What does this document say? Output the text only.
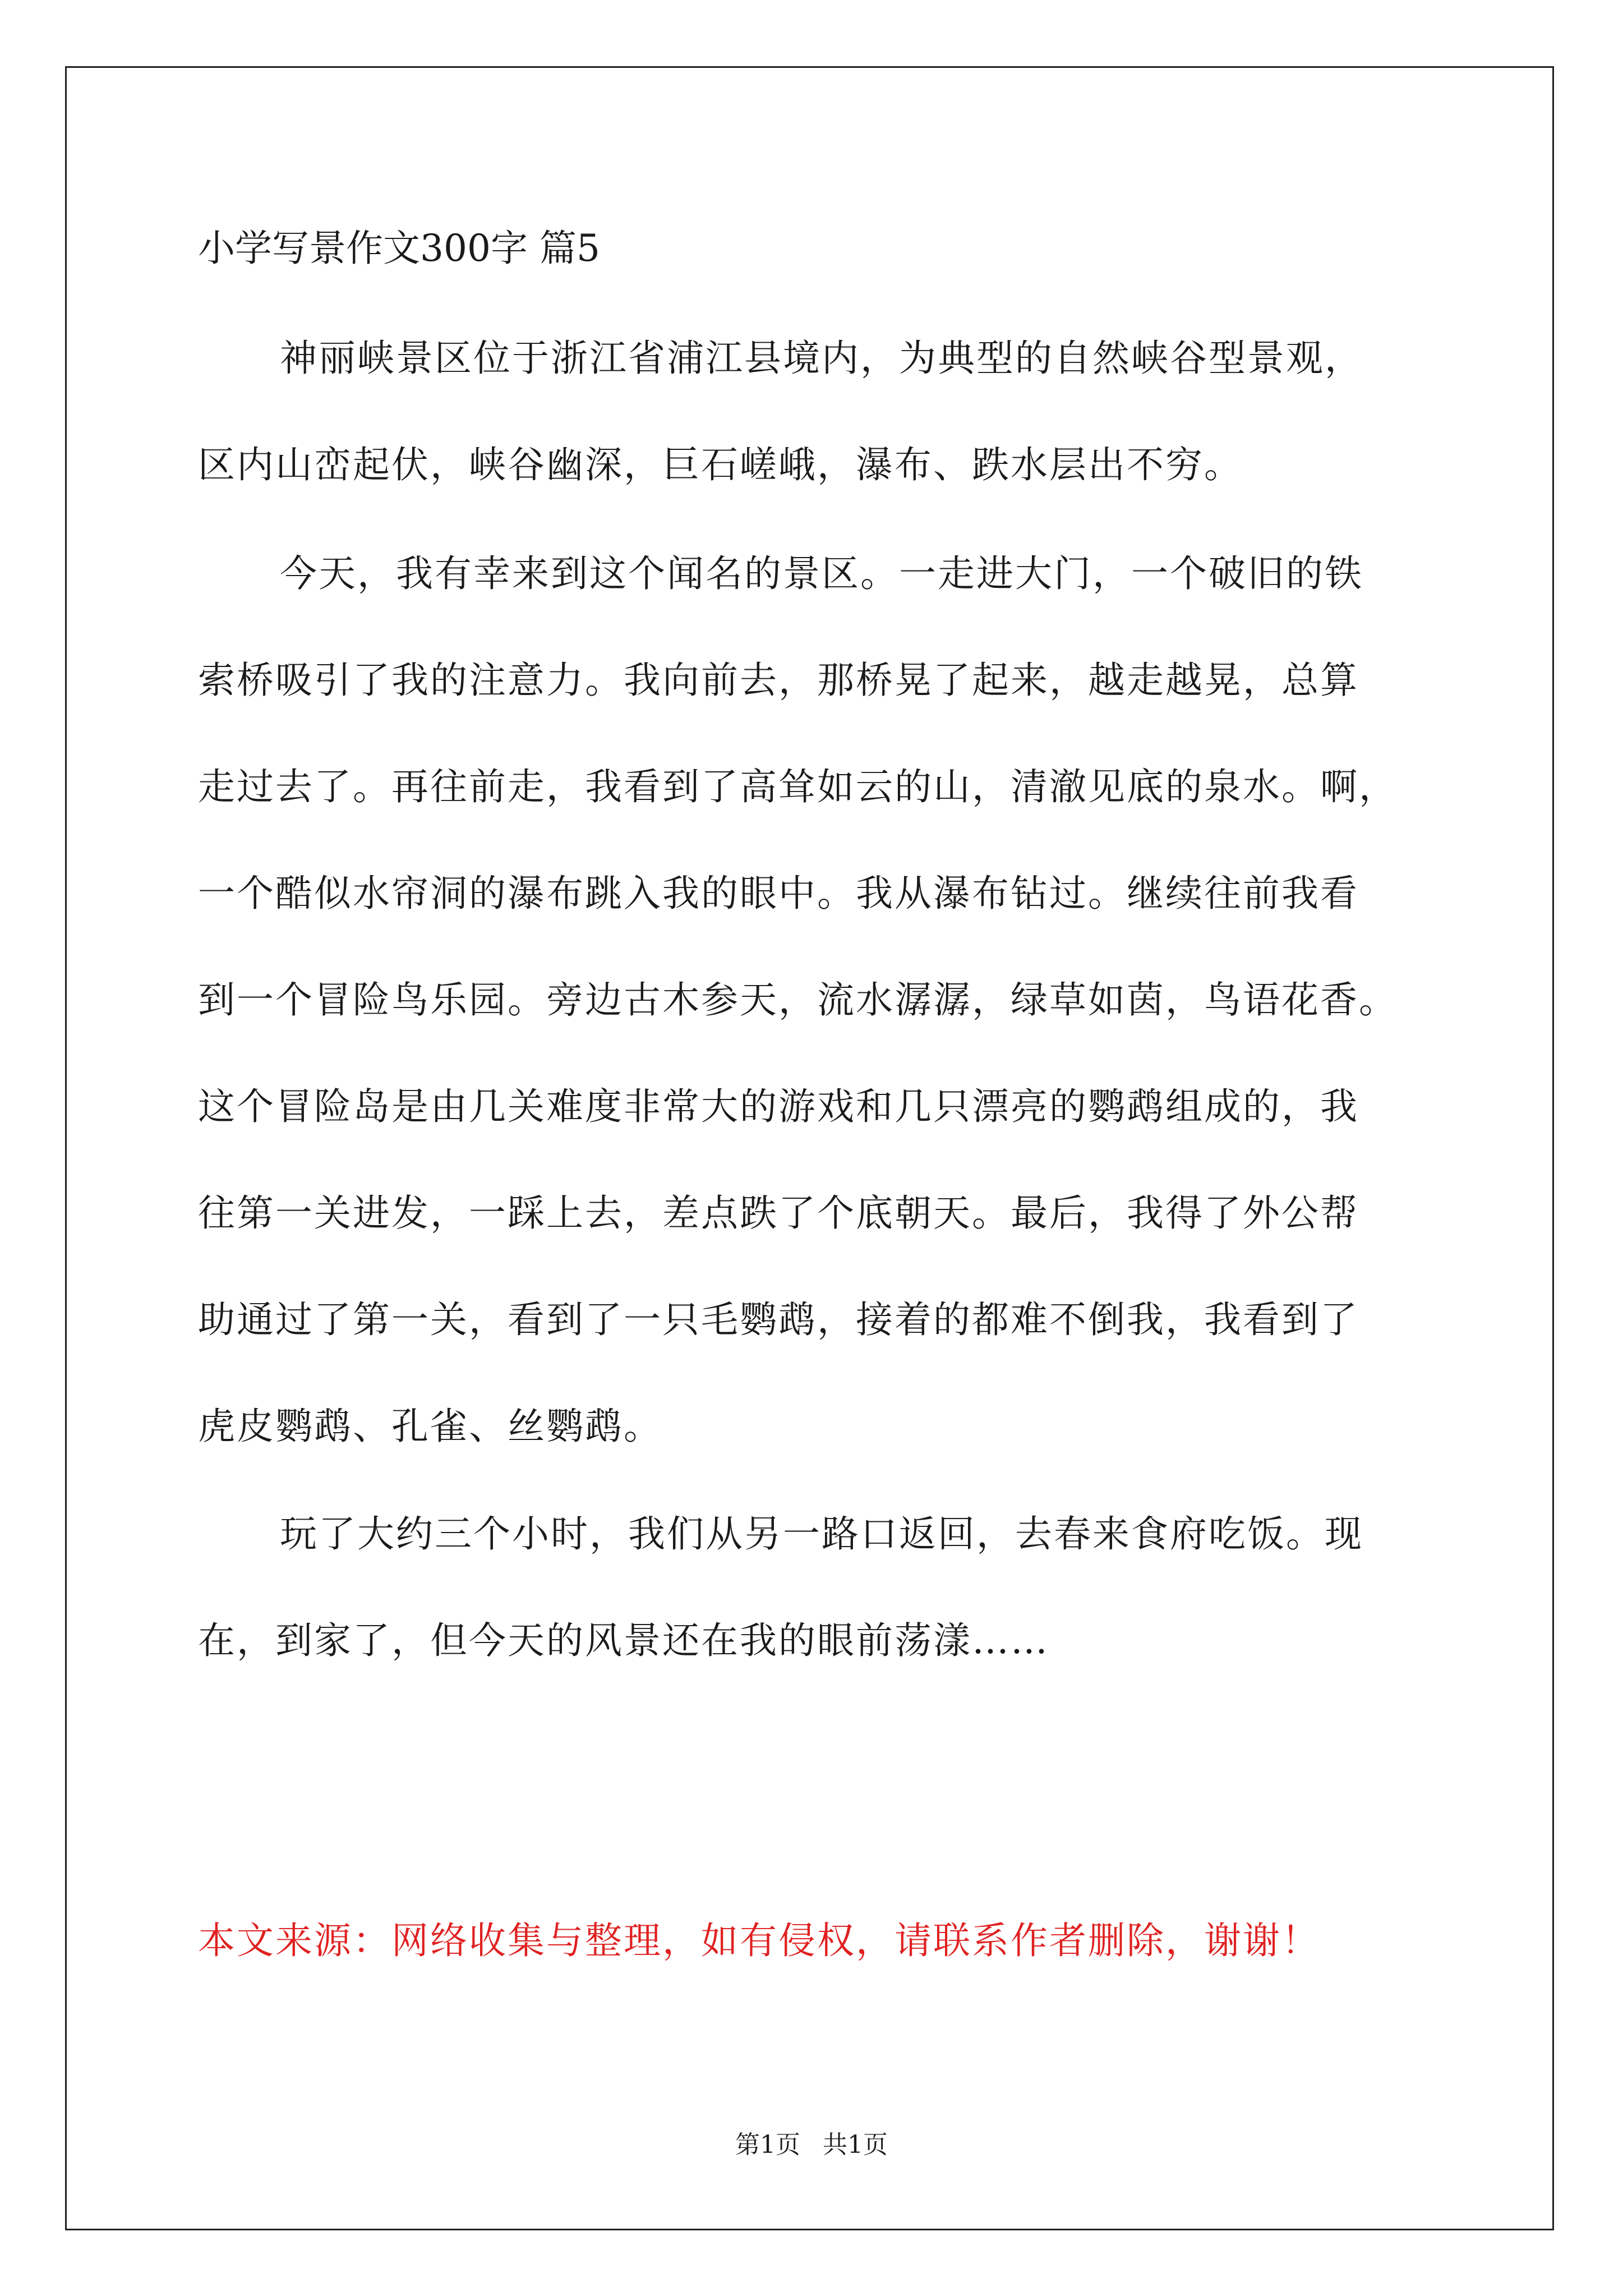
小学写景作文300字 篇5
神丽峡景区位于浙江省浦江县境内，为典型的自然峡谷型景观，
区内山峦起伏，峡谷幽深，巨石嵯峨，瀑布、跌水层出不穷。
今天，我有幸来到这个闻名的景区。一走进大门，一个破旧的铁
索桥吸引了我的注意力。我向前去，那桥晃了起来，越走越晃，总算
走过去了。再往前走，我看到了高耸如云的山，清澈见底的泉水。啊，
一个酷似水帘洞的瀑布跳入我的眼中。我从瀑布钻过。继续往前我看
到一个冒险鸟乐园。旁边古木参天，流水潺潺，绿草如茵，鸟语花香。
这个冒险岛是由几关难度非常大的游戏和几只漂亮的鹦鹉组成的，我
往第一关进发，一踩上去，差点跌了个底朝天。最后，我得了外公帮
助通过了第一关，看到了一只毛鹦鹉，接着的都难不倒我，我看到了
虎皮鹦鹉、孔雀、丝鹦鹉。
玩了大约三个小时，我们从另一路口返回，去春来食府吃饭。现
在，到家了，但今天的风景还在我的眼前荡漾……
本文来源：网络收集与整理，如有侵权，请联系作者删除，谢谢！
第1页 共1页
